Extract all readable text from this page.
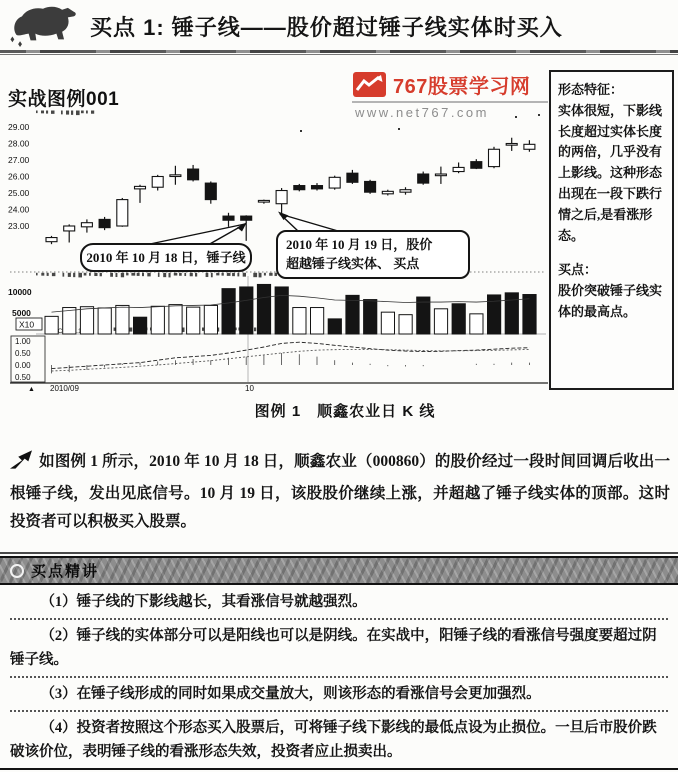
买点 1: 锤子线——股价超过锤子线实体时买入
实战图例001
767股票学习网
www.net767.com
29.00
28.00
27.00
26.00
25.00
24.00
23.00
10000
5000
X10
1.00
0.50
0.00
0.50
▲ 2010/09	10
26.12.9
2010 年 10 月 18 日，锤子线
2010 年 10 月 19 日，股价
超越锤子线实体、 买点
形态特征：
实体很短，下影线长度超过实体长度的两倍，几乎没有上影线。这种形态出现在一段下跌行情之后,是看涨形态。
买点：
股价突破锤子线实体的最高点。
图例 1　顺鑫农业日 K 线
如图例 1 所示，2010 年 10 月 18 日，顺鑫农业（000860）的股价经过一段时间回调后收出一根锤子线，发出见底信号。10 月 19 日，该股股价继续上涨，并超越了锤子线实体的顶部。这时投资者可以积极买入股票。
买点精讲

（1）锤子线的下影线越长，其看涨信号就越强烈。

（2）锤子线的实体部分可以是阳线也可以是阴线。在实战中，阳锤子线的看涨信号强度要超过阴锤子线。

（3）在锤子线形成的同时如果成交量放大，则该形态的看涨信号会更加强烈。

（4）投资者按照这个形态买入股票后，可将锤子线下影线的最低点设为止损位。一旦后市股价跌破该价位，表明锤子线的看涨形态失效，投资者应止损卖出。
